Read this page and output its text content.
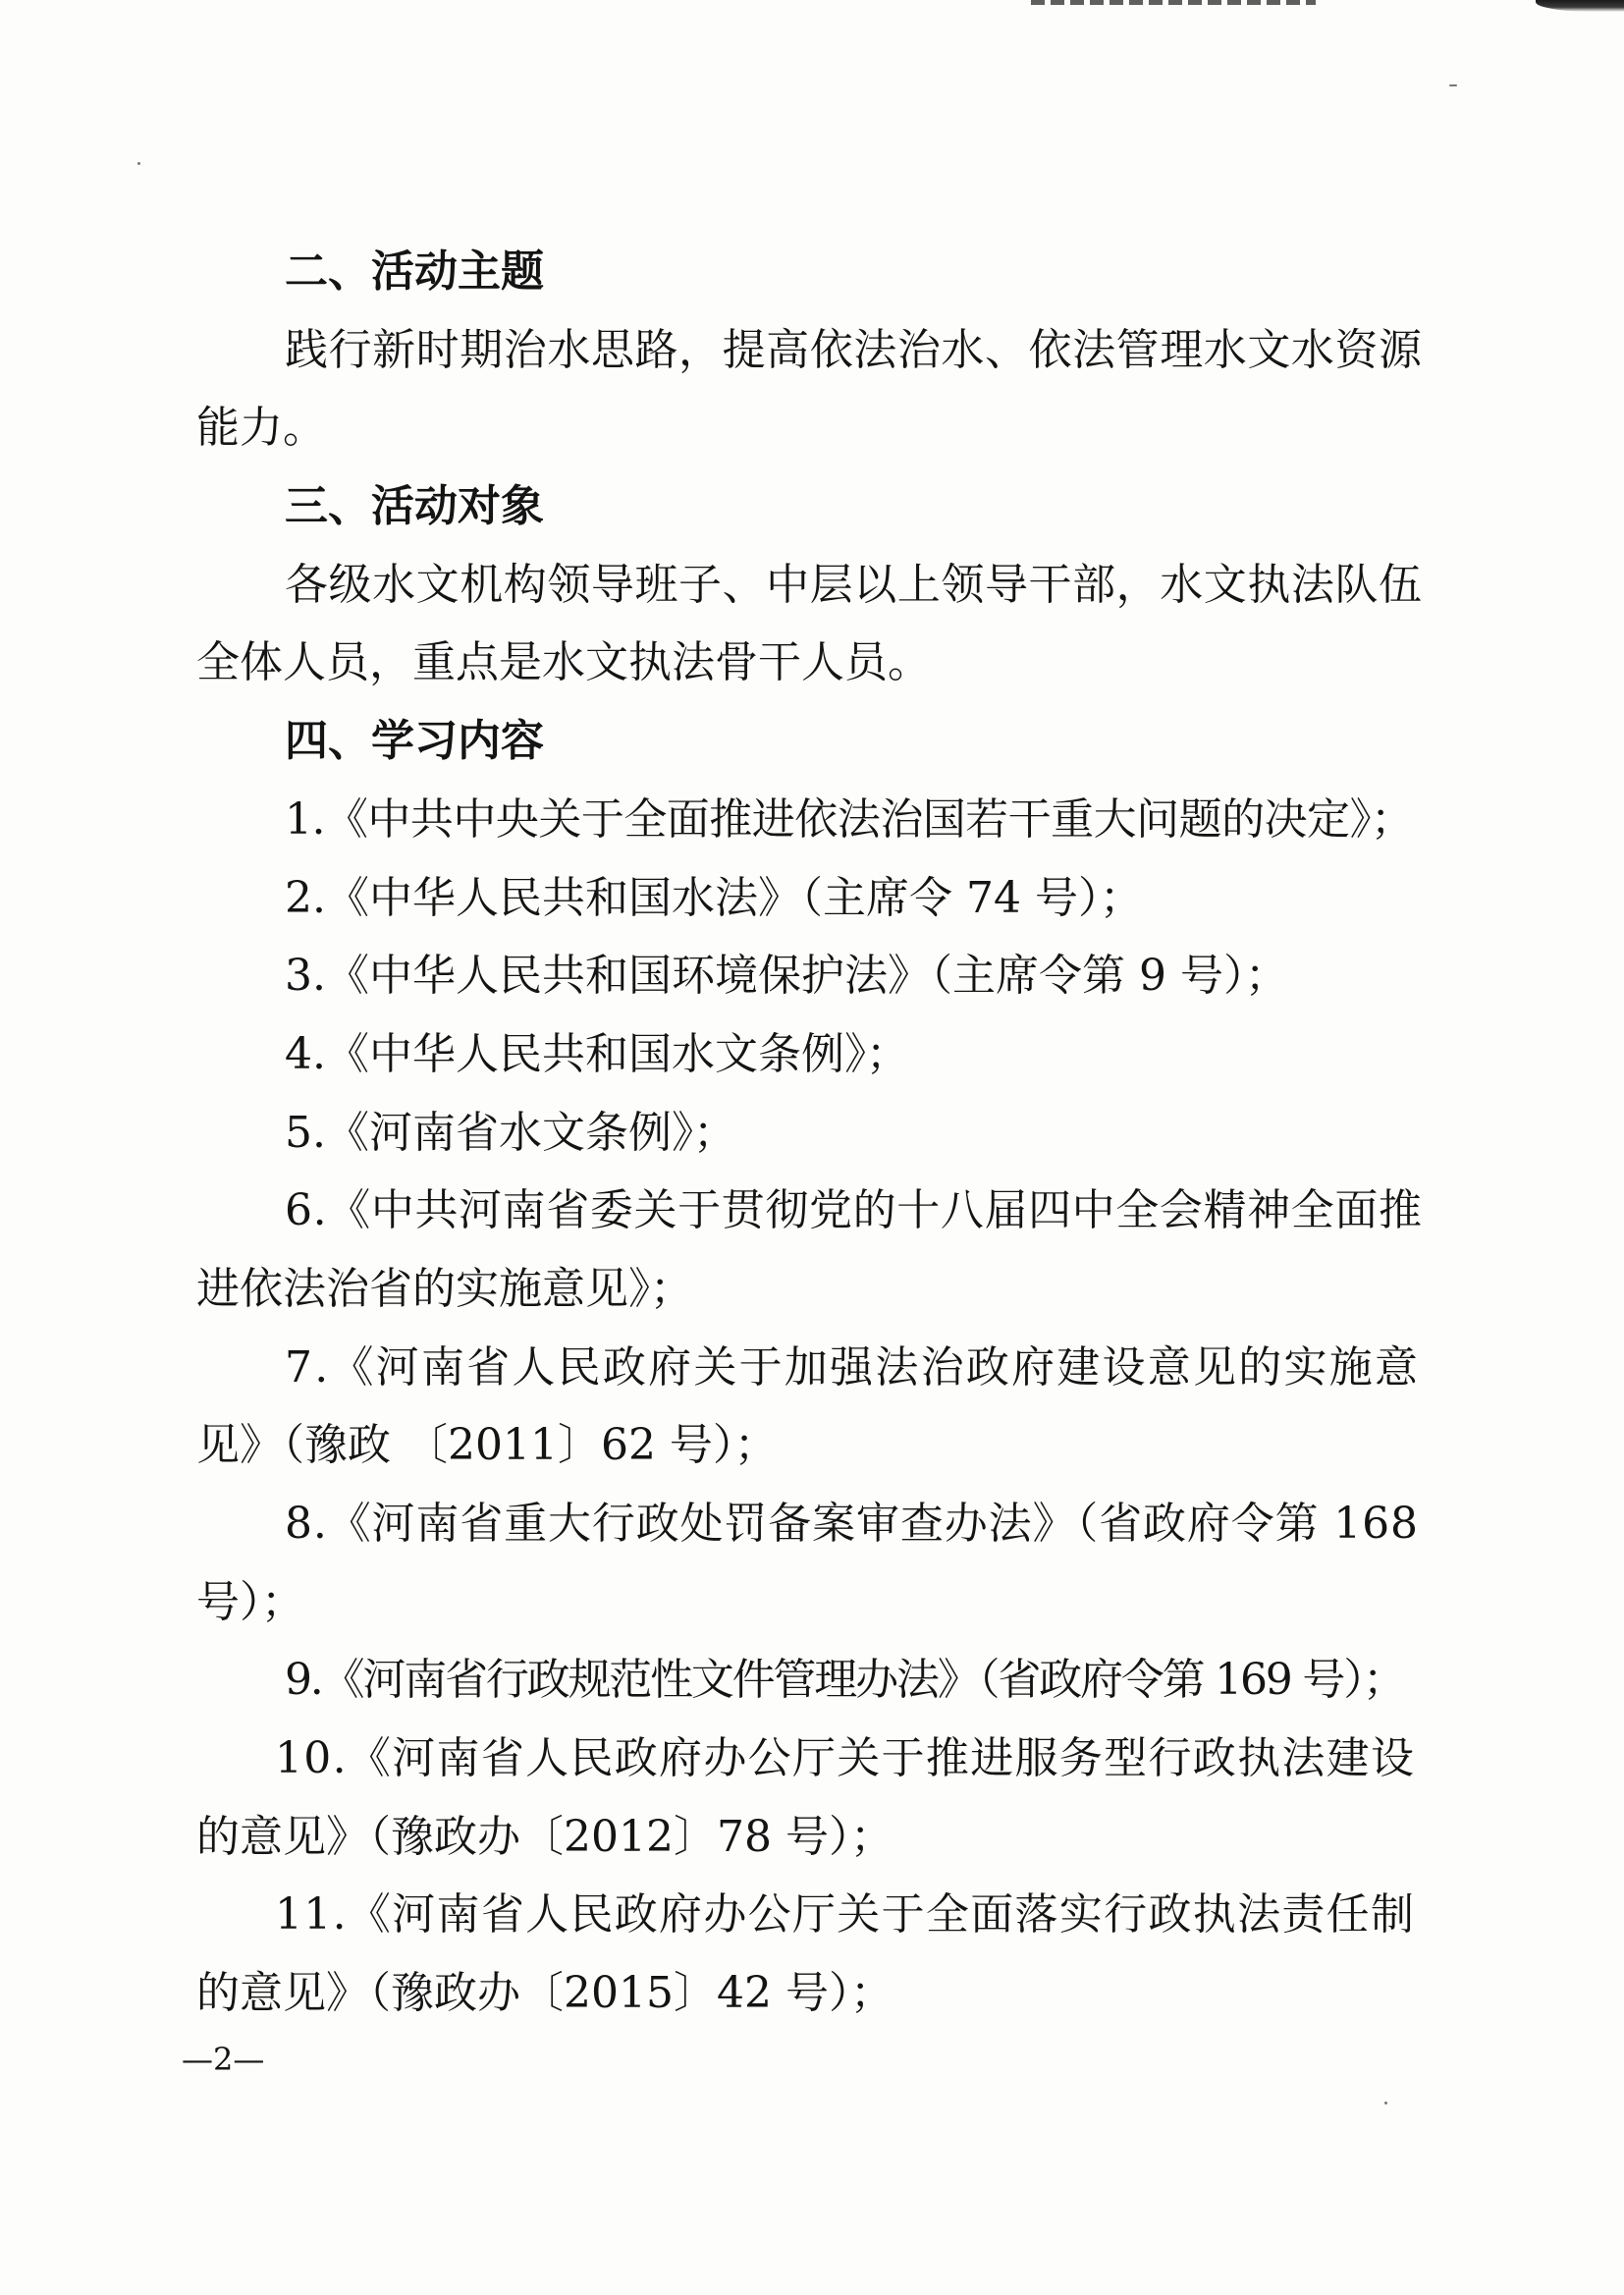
二、活动主题
践行新时期治水思路，提高依法治水、依法管理水文水资源
能力。
三、活动对象
各级水文机构领导班子、中层以上领导干部，水文执法队伍
全体人员，重点是水文执法骨干人员。
四、学习内容
1.《中共中央关于全面推进依法治国若干重大问题的决定》；
2.《中华人民共和国水法》（主席令 74 号）；
3.《中华人民共和国环境保护法》（主席令第 9 号）；
4.《中华人民共和国水文条例》；
5.《河南省水文条例》；
6.《中共河南省委关于贯彻党的十八届四中全会精神全面推
进依法治省的实施意见》；
7.《河南省人民政府关于加强法治政府建设意见的实施意
见》（豫政 〔2011〕62 号）；
8.《河南省重大行政处罚备案审查办法》（省政府令第 168
号）；
9.《河南省行政规范性文件管理办法》（省政府令第 169 号）；
10.《河南省人民政府办公厅关于推进服务型行政执法建设
的意见》（豫政办〔2012〕78 号）；
11.《河南省人民政府办公厅关于全面落实行政执法责任制
的意见》（豫政办〔2015〕42 号）；
—2—
